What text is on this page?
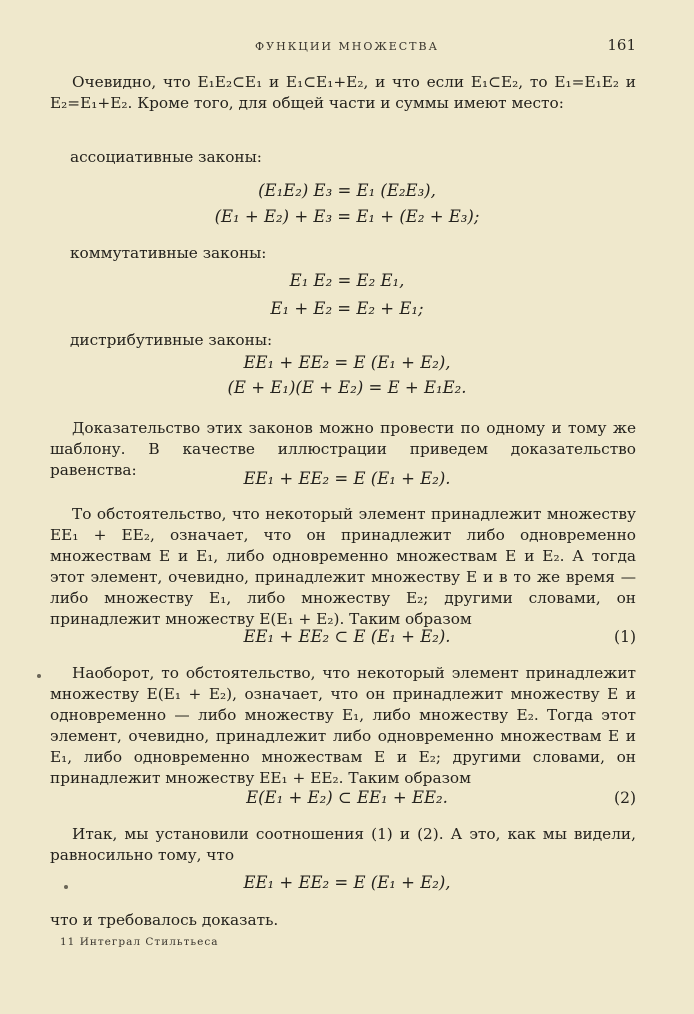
ФУНКЦИИ МНОЖЕСТВА	161

Очевидно, что E₁E₂⊂E₁ и E₁⊂E₁+E₂, и что если E₁⊂E₂, то E₁=E₁E₂ и E₂=E₁+E₂. Кроме того, для общей части и суммы имеют место:

ассоциативные законы:
(E₁E₂) E₃ = E₁ (E₂E₃),
(E₁ + E₂) + E₃ = E₁ + (E₂ + E₃);
коммутативные законы:
E₁ E₂ = E₂ E₁,
E₁ + E₂ = E₂ + E₁;
дистрибутивные законы:
EE₁ + EE₂ = E (E₁ + E₂),
(E + E₁)(E + E₂) = E + E₁E₂.

Доказательство этих законов можно провести по одному и тому же шаблону. В качестве иллюстрации приведем доказательство равенства:	EE₁ + EE₂ = E (E₁ + E₂).

То обстоятельство, что некоторый элемент принадлежит множеству EE₁ + EE₂, означает, что он принадлежит либо одновременно множествам E и E₁, либо одновременно множествам E и E₂. А тогда этот элемент, очевидно, принадлежит множеству E и в то же время — либо множеству E₁, либо множеству E₂; другими словами, он принадлежит множеству E(E₁ + E₂). Таким образом

EE₁ + EE₂ ⊂ E (E₁ + E₂).	(1)

Наоборот, то обстоятельство, что некоторый элемент принадлежит множеству E(E₁ + E₂), означает, что он принадлежит множеству E и одновременно — либо множеству E₁, либо множеству E₂. Тогда этот элемент, очевидно, принадлежит либо одновременно множествам E и E₁, либо одновременно множествам E и E₂; другими словами, он принадлежит множеству EE₁ + EE₂. Таким образом

E(E₁ + E₂) ⊂ EE₁ + EE₂.	(2)

Итак, мы установили соотношения (1) и (2). А это, как мы видели, равносильно тому, что

EE₁ + EE₂ = E (E₁ + E₂),

что и требовалось доказать.

11 Интеграл Стильтьеса
